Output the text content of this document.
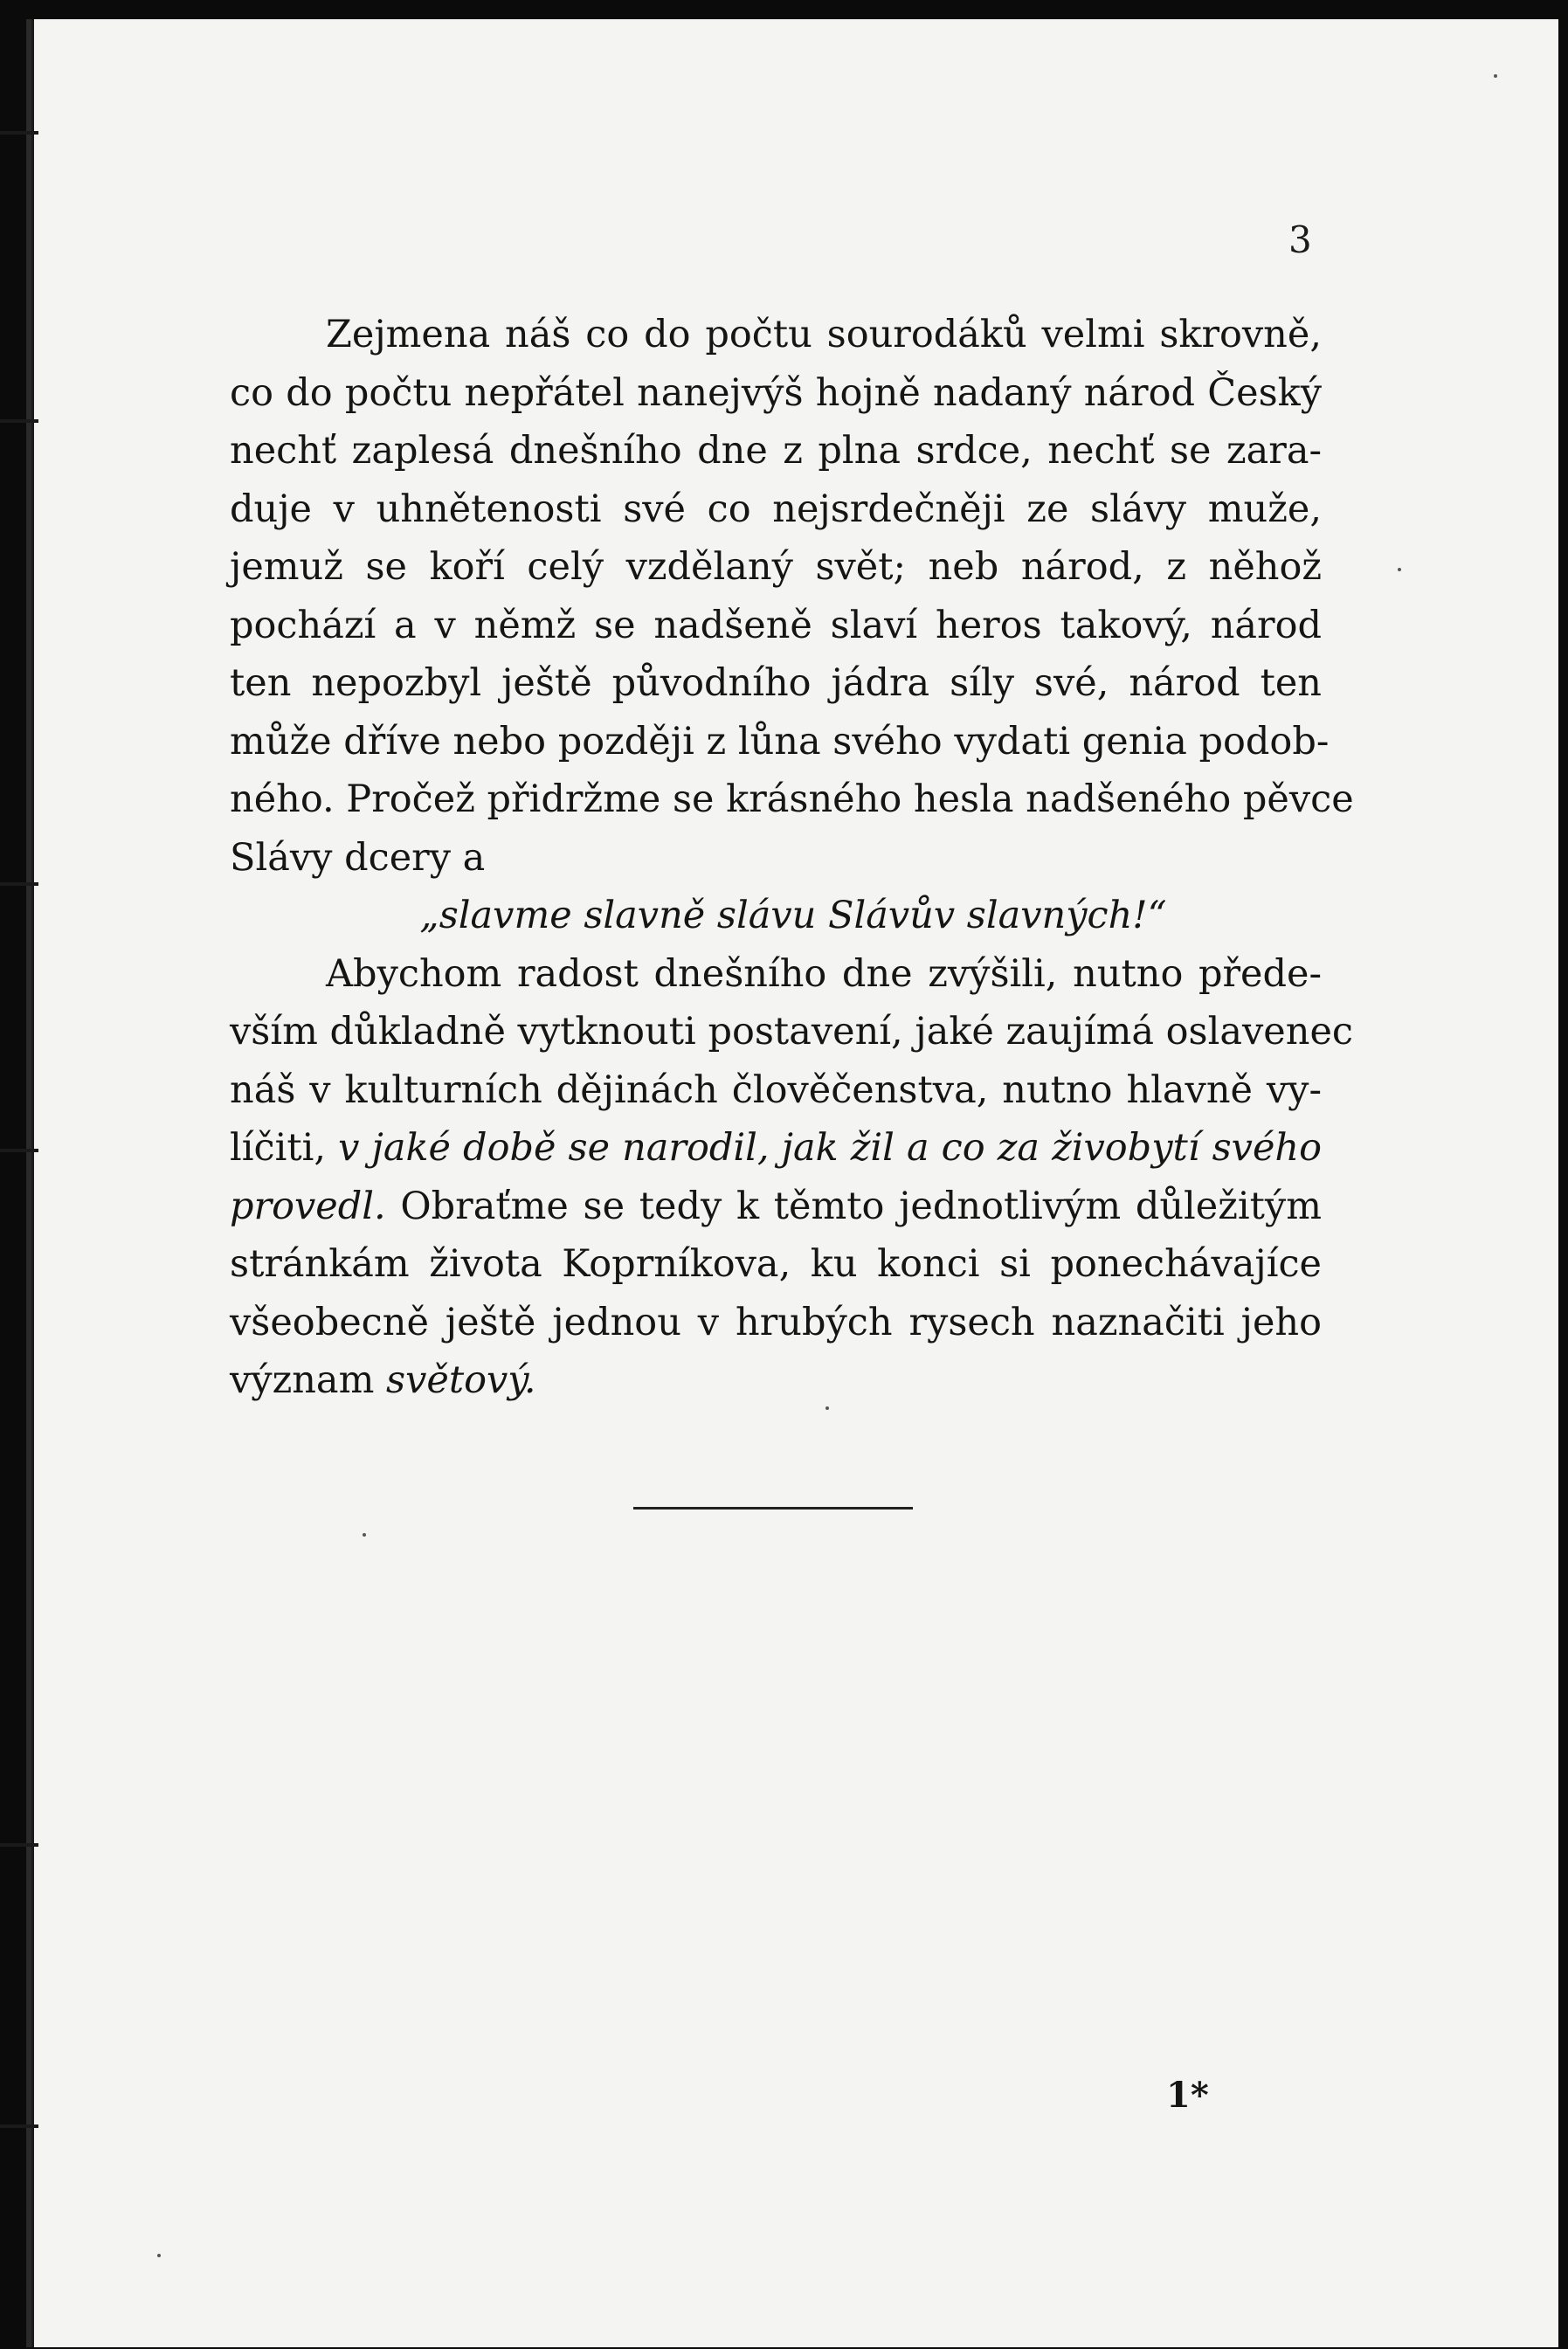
3
Zejmena náš co do počtu sourodáků velmi skrovně,
co do počtu nepřátel nanejvýš hojně nadaný národ Český
nechť zaplesá dnešního dne z plna srdce, nechť se zara-
duje v uhnětenosti své co nejsrdečněji ze slávy muže,
jemuž se koří celý vzdělaný svět; neb národ, z něhož
pochází a v němž se nadšeně slaví heros takový, národ
ten nepozbyl ještě původního jádra síly své, národ ten
může dříve nebo později z lůna svého vydati genia podob-
ného. Pročež přidržme se krásného hesla nadšeného pěvce
Slávy dcery a
„slavme slavně slávu Slávův slavných!“
Abychom radost dnešního dne zvýšili, nutno přede-
vším důkladně vytknouti postavení, jaké zaujímá oslavenec
náš v kulturních dějinách člověčenstva, nutno hlavně vy-
líčiti, v jaké době se narodil, jak žil a co za živobytí svého
provedl. Obraťme se tedy k těmto jednotlivým důležitým
stránkám života Koprníkova, ku konci si ponechávajíce
všeobecně ještě jednou v hrubých rysech naznačiti jeho
význam světový.
1*
